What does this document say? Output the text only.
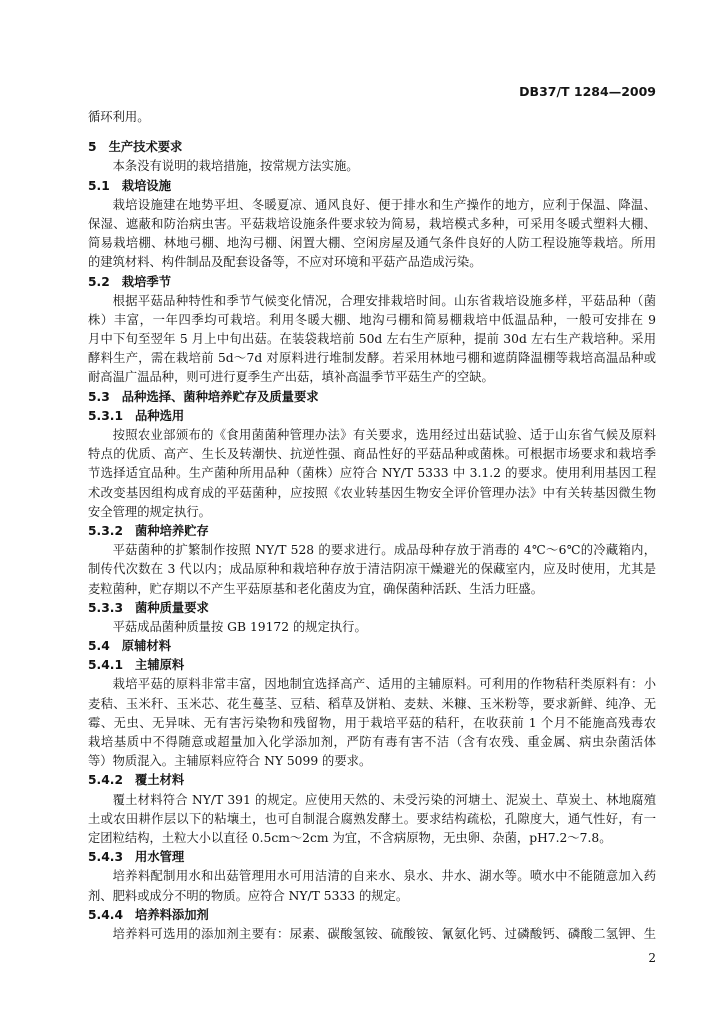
DB37/T 1284—2009
循环利用。
5 生产技术要求
本条没有说明的栽培措施，按常规方法实施。
5.1 栽培设施
栽培设施建在地势平坦、冬暖夏凉、通风良好、便于排水和生产操作的地方，应利于保温、降温、
保湿、遮蔽和防治病虫害。平菇栽培设施条件要求较为简易，栽培模式多种，可采用冬暖式塑料大棚、
简易栽培棚、林地弓棚、地沟弓棚、闲置大棚、空闲房屋及通气条件良好的人防工程设施等栽培。所用
的建筑材料、构件制品及配套设备等，不应对环境和平菇产品造成污染。
5.2 栽培季节
根据平菇品种特性和季节气候变化情况，合理安排栽培时间。山东省栽培设施多样，平菇品种（菌
株）丰富，一年四季均可栽培。利用冬暖大棚、地沟弓棚和简易棚栽培中低温品种，一般可安排在 9
月中下旬至翌年 5 月上中旬出菇。在装袋栽培前 50d 左右生产原种，提前 30d 左右生产栽培种。采用
酵料生产，需在栽培前 5d～7d 对原料进行堆制发酵。若采用林地弓棚和遮荫降温棚等栽培高温品种或
耐高温广温品种，则可进行夏季生产出菇，填补高温季节平菇生产的空缺。
5.3 品种选择、菌种培养贮存及质量要求
5.3.1 品种选用
按照农业部颁布的《食用菌菌种管理办法》有关要求，选用经过出菇试验、适于山东省气候及原料
特点的优质、高产、生长及转潮快、抗逆性强、商品性好的平菇品种或菌株。可根据市场要求和栽培季
节选择适宜品种。生产菌种所用品种（菌株）应符合 NY/T 5333 中 3.1.2 的要求。使用利用基因工程
术改变基因组构成育成的平菇菌种，应按照《农业转基因生物安全评价管理办法》中有关转基因微生物
安全管理的规定执行。
5.3.2 菌种培养贮存
平菇菌种的扩繁制作按照 NY/T 528 的要求进行。成品母种存放于消毒的 4℃～6℃的冷藏箱内，
制传代次数在 3 代以内；成品原种和栽培种存放于清洁阴凉干燥避光的保藏室内，应及时使用，尤其是
麦粒菌种，贮存期以不产生平菇原基和老化菌皮为宜，确保菌种活跃、生活力旺盛。
5.3.3 菌种质量要求
平菇成品菌种质量按 GB 19172 的规定执行。
5.4 原辅材料
5.4.1 主辅原料
栽培平菇的原料非常丰富，因地制宜选择高产、适用的主辅原料。可利用的作物秸秆类原料有：小
麦秸、玉米秆、玉米芯、花生蔓茎、豆秸、稻草及饼粕、麦麸、米糠、玉米粉等，要求新鲜、纯净、无
霉、无虫、无异味、无有害污染物和残留物，用于栽培平菇的秸秆，在收获前 1 个月不能施高残毒农
栽培基质中不得随意或超量加入化学添加剂，严防有毒有害不洁（含有农残、重金属、病虫杂菌活体
等）物质混入。主辅原料应符合 NY 5099 的要求。
5.4.2 覆土材料
覆土材料符合 NY/T 391 的规定。应使用天然的、未受污染的河塘土、泥炭土、草炭土、林地腐殖
土或农田耕作层以下的粘壤土，也可自制混合腐熟发酵土。要求结构疏松，孔隙度大，通气性好，有一
定团粒结构，土粒大小以直径 0.5cm～2cm 为宜，不含病原物，无虫卵、杂菌，pH7.2～7.8。
5.4.3 用水管理
培养料配制用水和出菇管理用水可用洁清的自来水、泉水、井水、湖水等。喷水中不能随意加入药
剂、肥料或成分不明的物质。应符合 NY/T 5333 的规定。
5.4.4 培养料添加剂
培养料可选用的添加剂主要有：尿素、碳酸氢铵、硫酸铵、氰氨化钙、过磷酸钙、磷酸二氢钾、生
2
